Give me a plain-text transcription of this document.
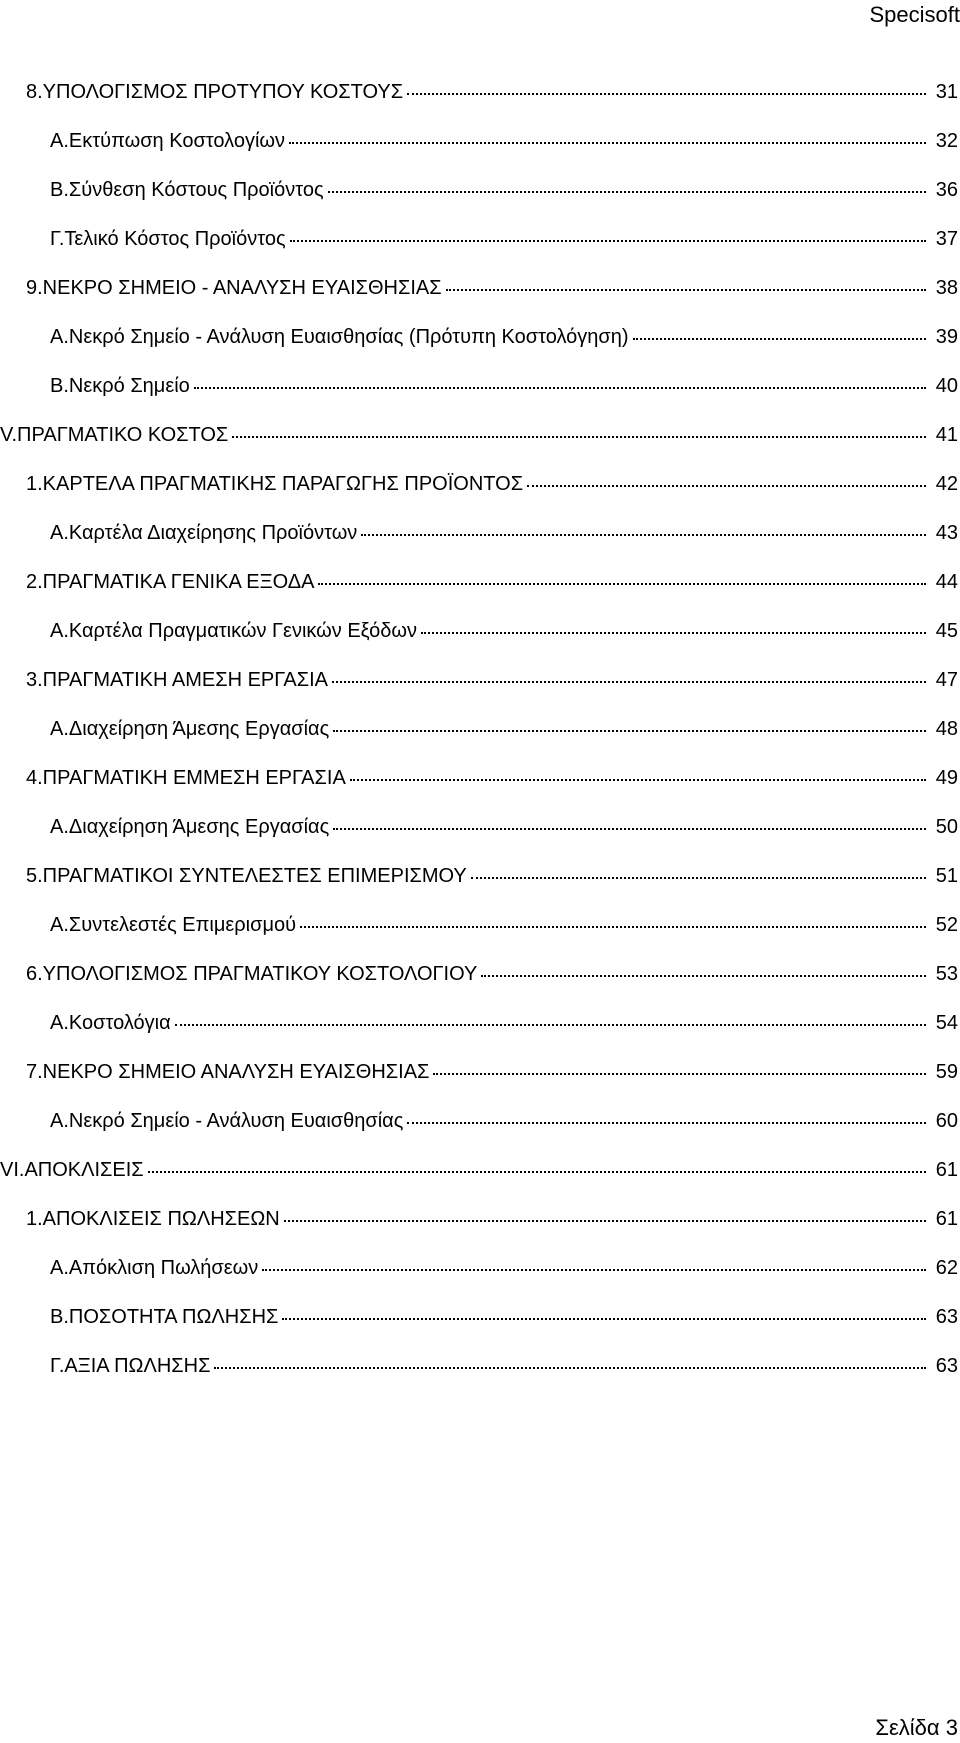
Specisoft
8.ΥΠΟΛΟΓΙΣΜΟΣ ΠΡΟΤΥΠΟΥ ΚΟΣΤΟΥΣ	31
Α.Εκτύπωση Κοστολογίων	32
Β.Σύνθεση Κόστους Προϊόντος	36
Γ.Τελικό Κόστος Προϊόντος	37
9.ΝΕΚΡΟ ΣΗΜΕΙΟ - ΑΝΑΛΥΣΗ ΕΥΑΙΣΘΗΣΙΑΣ	38
Α.Νεκρό Σημείο - Ανάλυση Ευαισθησίας (Πρότυπη Κοστολόγηση)	39
Β.Νεκρό Σημείο	40
V.ΠΡΑΓΜΑΤΙΚΟ ΚΟΣΤΟΣ	41
1.ΚΑΡΤΕΛΑ ΠΡΑΓΜΑΤΙΚΗΣ ΠΑΡΑΓΩΓΗΣ ΠΡΟΪΟΝΤΟΣ	42
Α.Καρτέλα Διαχείρησης Προϊόντων	43
2.ΠΡΑΓΜΑΤΙΚΑ ΓΕΝΙΚΑ ΕΞΟΔΑ	44
Α.Καρτέλα Πραγματικών Γενικών Εξόδων	45
3.ΠΡΑΓΜΑΤΙΚΗ ΑΜΕΣΗ ΕΡΓΑΣΙΑ	47
Α.Διαχείρηση Άμεσης Εργασίας	48
4.ΠΡΑΓΜΑΤΙΚΗ ΕΜΜΕΣΗ ΕΡΓΑΣΙΑ	49
Α.Διαχείρηση Άμεσης Εργασίας	50
5.ΠΡΑΓΜΑΤΙΚΟΙ ΣΥΝΤΕΛΕΣΤΕΣ ΕΠΙΜΕΡΙΣΜΟΥ	51
Α.Συντελεστές Επιμερισμού	52
6.ΥΠΟΛΟΓΙΣΜΟΣ ΠΡΑΓΜΑΤΙΚΟΥ ΚΟΣΤΟΛΟΓΙΟΥ	53
Α.Κοστολόγια	54
7.ΝΕΚΡΟ ΣΗΜΕΙΟ ΑΝΑΛΥΣΗ ΕΥΑΙΣΘΗΣΙΑΣ	59
Α.Νεκρό Σημείο - Ανάλυση Ευαισθησίας	60
VI.ΑΠΟΚΛΙΣΕΙΣ	61
1.ΑΠΟΚΛΙΣΕΙΣ ΠΩΛΗΣΕΩΝ	61
Α.Απόκλιση Πωλήσεων	62
Β.ΠΟΣΟΤΗΤΑ ΠΩΛΗΣΗΣ	63
Γ.ΑΞΙΑ ΠΩΛΗΣΗΣ	63
Σελίδα 3
